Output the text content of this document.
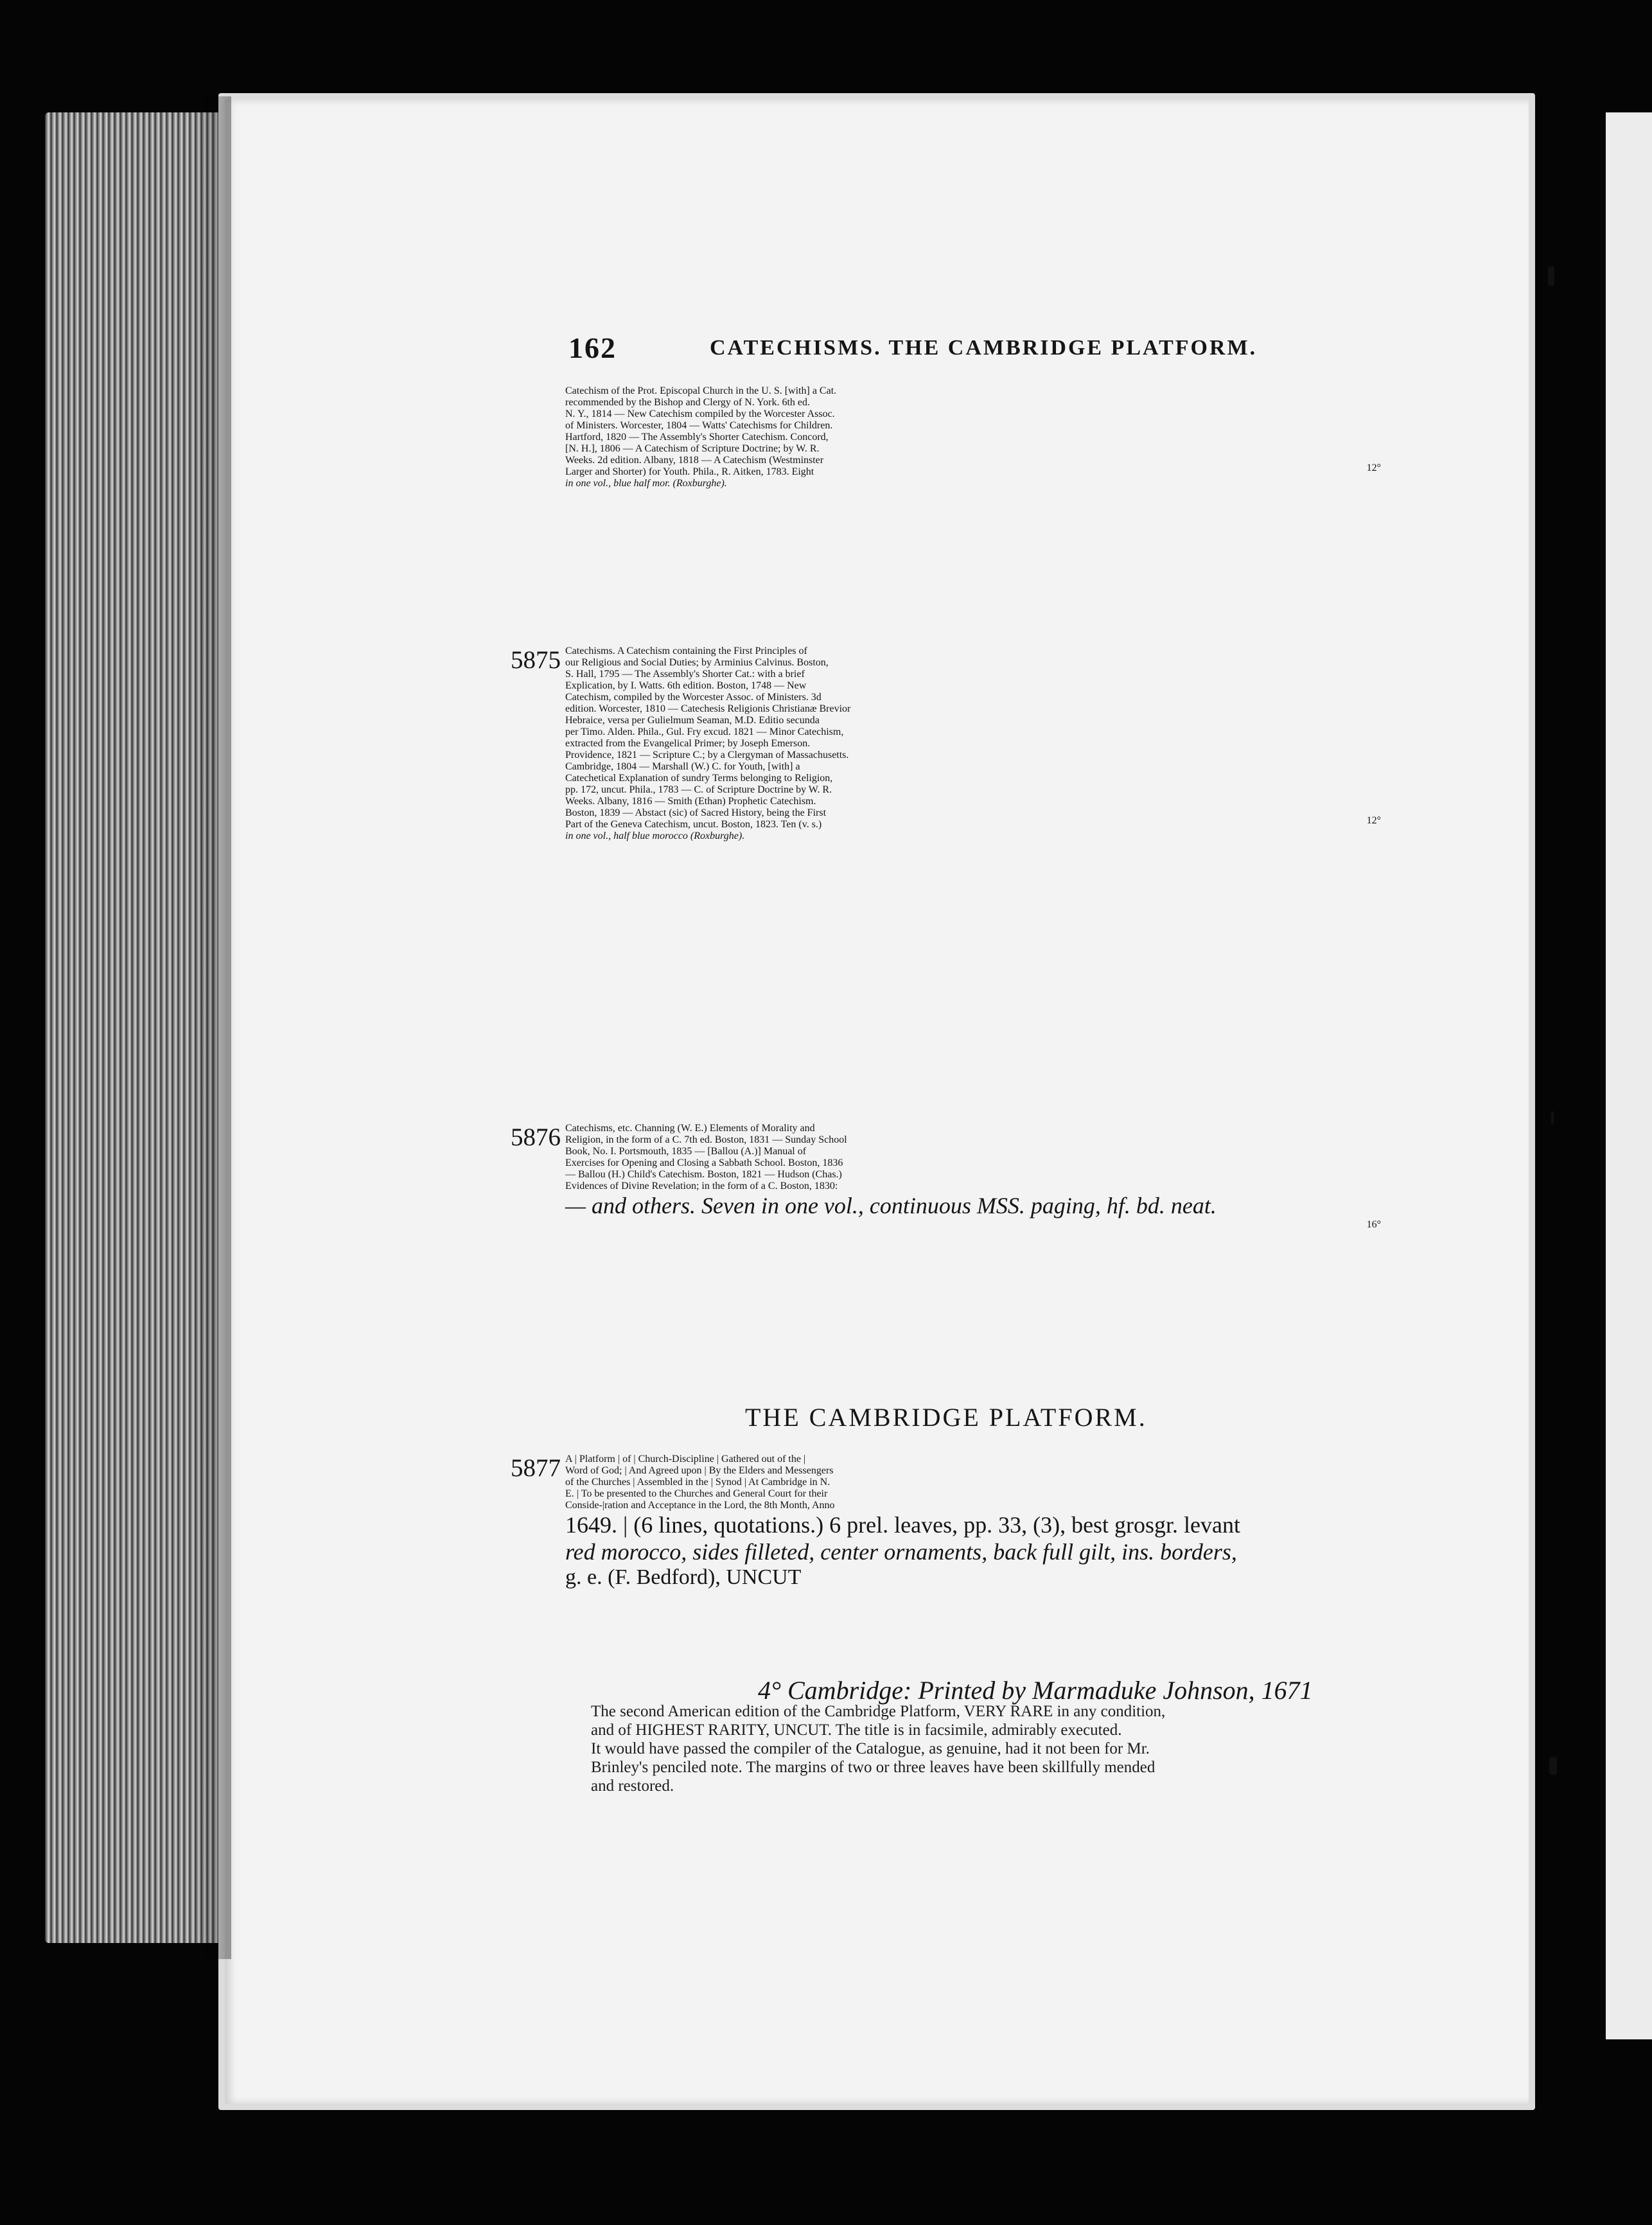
162	CATECHISMS. THE CAMBRIDGE PLATFORM.

Catechism of the Prot. Episcopal Church in the U. S. [with] a Cat.

recommended by the Bishop and Clergy of N. York. 6th ed.

N. Y., 1814 — New Catechism compiled by the Worcester Assoc.

of Ministers. Worcester, 1804 — Watts' Catechisms for Children.

Hartford, 1820 — The Assembly's Shorter Catechism. Concord,

[N. H.], 1806 — A Catechism of Scripture Doctrine; by W. R.

Weeks. 2d edition. Albany, 1818 — A Catechism (Westminster

Larger and Shorter) for Youth. Phila., R. Aitken, 1783. Eight

in one vol., blue half mor. (Roxburghe).

12°

5875 Catechisms. A Catechism containing the First Principles of

our Religious and Social Duties; by Arminius Calvinus. Boston,

S. Hall, 1795 — The Assembly's Shorter Cat.: with a brief

Explication, by I. Watts. 6th edition. Boston, 1748 — New

Catechism, compiled by the Worcester Assoc. of Ministers. 3d

edition. Worcester, 1810 — Catechesis Religionis Christianæ Brevior

Hebraice, versa per Gulielmum Seaman, M.D. Editio secunda

per Timo. Alden. Phila., Gul. Fry excud. 1821 — Minor Catechism,

extracted from the Evangelical Primer; by Joseph Emerson.

Providence, 1821 — Scripture C.; by a Clergyman of Massachusetts.

Cambridge, 1804 — Marshall (W.) C. for Youth, [with] a

Catechetical Explanation of sundry Terms belonging to Religion,

pp. 172, uncut. Phila., 1783 — C. of Scripture Doctrine by W. R.

Weeks. Albany, 1816 — Smith (Ethan) Prophetic Catechism.

Boston, 1839 — Abstact (sic) of Sacred History, being the First

Part of the Geneva Catechism, uncut. Boston, 1823. Ten (v. s.)

in one vol., half blue morocco (Roxburghe).

12°

5876 Catechisms, etc. Channing (W. E.) Elements of Morality and

Religion, in the form of a C. 7th ed. Boston, 1831 — Sunday School

Book, No. I. Portsmouth, 1835 — [Ballou (A.)] Manual of

Exercises for Opening and Closing a Sabbath School. Boston, 1836

— Ballou (H.) Child's Catechism. Boston, 1821 — Hudson (Chas.)

Evidences of Divine Revelation; in the form of a C. Boston, 1830:

— and others. Seven in one vol., continuous MSS. paging, hf. bd. neat.

16°

THE CAMBRIDGE PLATFORM.
5877 A | Platform | of | Church-Discipline | Gathered out of the |

Word of God; | And Agreed upon | By the Elders and Messengers

of the Churches | Assembled in the | Synod | At Cambridge in N.

E. | To be presented to the Churches and General Court for their

Conside-|ration and Acceptance in the Lord, the 8th Month, Anno

1649. | (6 lines, quotations.) 6 prel. leaves, pp. 33, (3), best grosgr. levant

red morocco, sides filleted, center ornaments, back full gilt, ins. borders,

g. e. (F. Bedford), UNCUT

4° Cambridge: Printed by Marmaduke Johnson, 1671

The second American edition of the Cambridge Platform, VERY RARE in any condition,

and of HIGHEST RARITY, UNCUT. The title is in facsimile, admirably executed.

It would have passed the compiler of the Catalogue, as genuine, had it not been for Mr.

Brinley's penciled note. The margins of two or three leaves have been skillfully mended

and restored.
